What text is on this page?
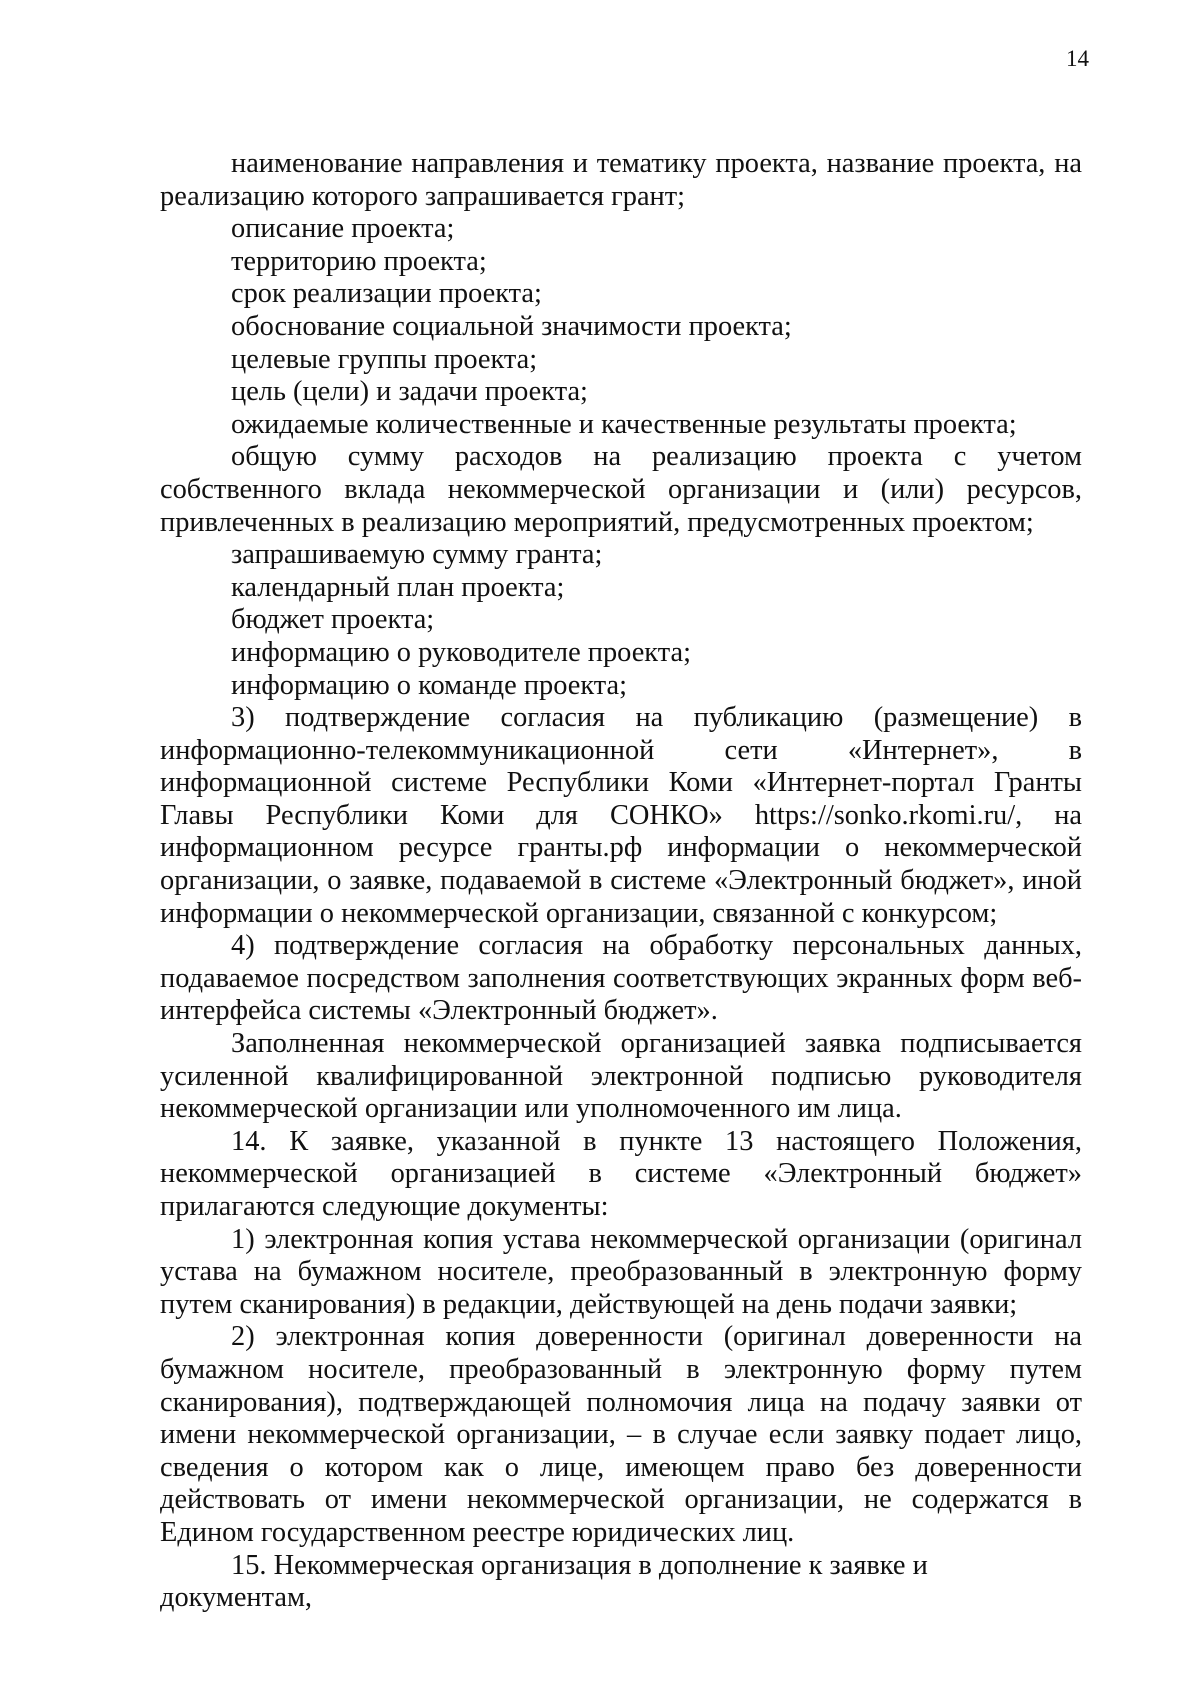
14

наименование направления и тематику проекта, название проекта, на реализацию которого запрашивается грант;

описание проекта;

территорию проекта;

срок реализации проекта;

обоснование социальной значимости проекта;

целевые группы проекта;

цель (цели) и задачи проекта;

ожидаемые количественные и качественные результаты проекта;

общую сумму расходов на реализацию проекта с учетом собственного вклада некоммерческой организации и (или) ресурсов, привлеченных в реализацию мероприятий, предусмотренных проектом;

запрашиваемую сумму гранта;

календарный план проекта;

бюджет проекта;

информацию о руководителе проекта;

информацию о команде проекта;

3) подтверждение согласия на публикацию (размещение) в информационно-телекоммуникационной сети «Интернет», в информационной системе Республики Коми «Интернет-портал Гранты Главы Республики Коми для СОНКО» https://sonko.rkomi.ru/, на информационном ресурсе гранты.рф информации о некоммерческой организации, о заявке, подаваемой в системе «Электронный бюджет», иной информации о некоммерческой организации, связанной с конкурсом;

4) подтверждение согласия на обработку персональных данных, подаваемое посредством заполнения соответствующих экранных форм веб-интерфейса системы «Электронный бюджет».

Заполненная некоммерческой организацией заявка подписывается усиленной квалифицированной электронной подписью руководителя некоммерческой организации или уполномоченного им лица.

14. К заявке, указанной в пункте 13 настоящего Положения, некоммерческой организацией в системе «Электронный бюджет» прилагаются следующие документы:

1) электронная копия устава некоммерческой организации (оригинал устава на бумажном носителе, преобразованный в электронную форму путем сканирования) в редакции, действующей на день подачи заявки;

2) электронная копия доверенности (оригинал доверенности на бумажном носителе, преобразованный в электронную форму путем сканирования), подтверждающей полномочия лица на подачу заявки от имени некоммерческой организации, – в случае если заявку подает лицо, сведения о котором как о лице, имеющем право без доверенности действовать от имени некоммерческой организации, не содержатся в Едином государственном реестре юридических лиц.

15. Некоммерческая организация в дополнение к заявке и документам,
